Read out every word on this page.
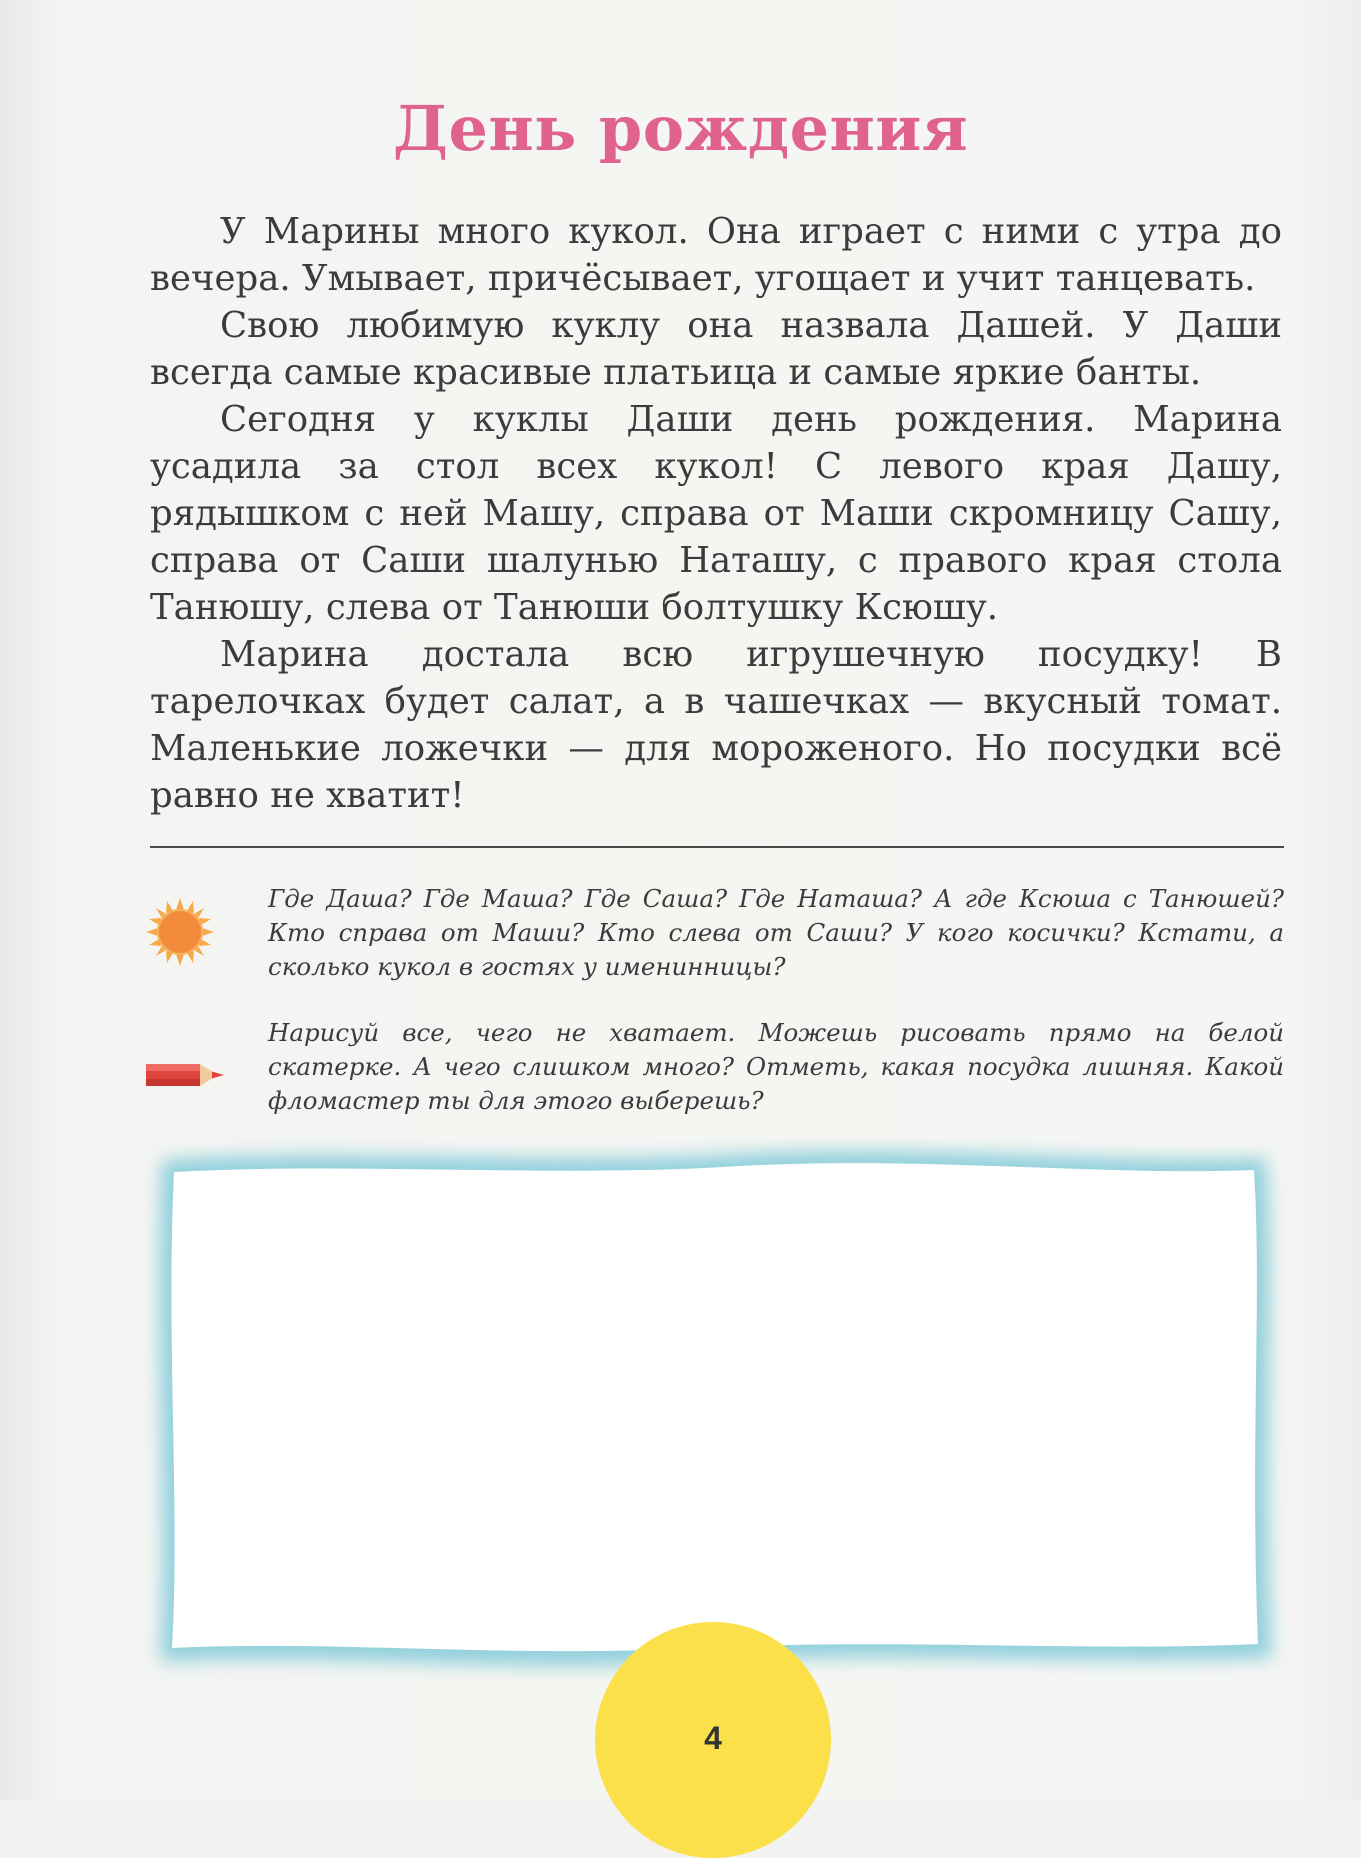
День рождения

У Марины много кукол. Она играет с ними с утра до вечера. Умывает, причёсывает, угощает и учит танцевать.

Свою любимую куклу она назвала Дашей. У Даши всегда самые красивые платьица и самые яркие банты.

Сегодня у куклы Даши день рождения. Марина усадила за стол всех кукол! С левого края Дашу, рядышком с ней Машу, справа от Маши скромницу Сашу, справа от Саши шалунью Наташу, с правого края стола Танюшу, слева от Танюши болтушку Ксюшу.

Марина достала всю игрушечную посудку! В тарелочках будет салат, а в чашечках — вкусный томат. Маленькие ложечки — для мороженого. Но посудки всё равно не хватит!

Где Даша? Где Маша? Где Саша? Где Наташа? А где Ксюша с Танюшей? Кто справа от Маши? Кто слева от Саши? У кого косички? Кстати, а сколько кукол в гостях у именинницы?
Нарисуй все, чего не хватает. Можешь рисовать прямо на белой скатерке. А чего слишком много? Отметь, какая посудка лишняя. Какой фломастер ты для этого выберешь?
4
